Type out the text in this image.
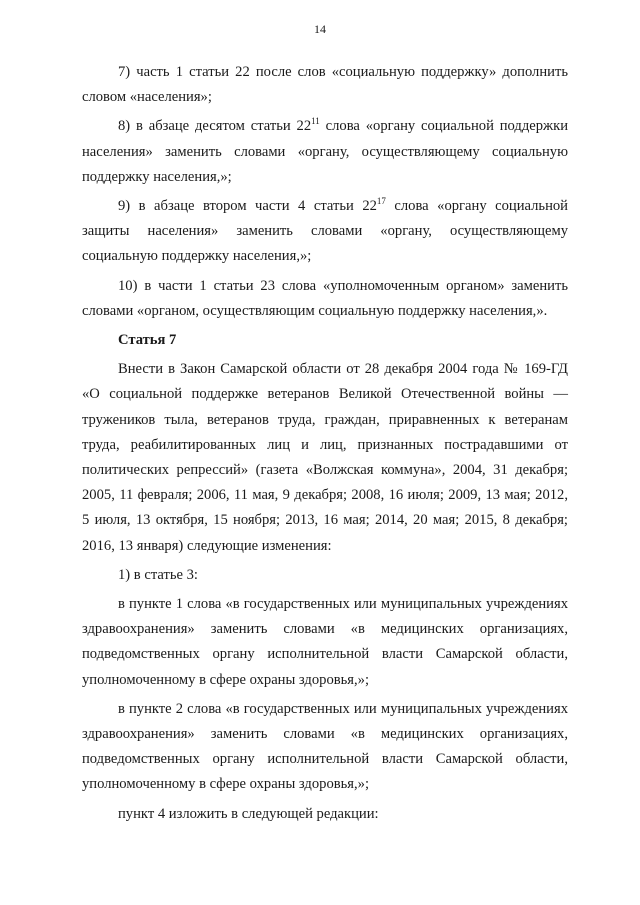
14

7) часть 1 статьи 22 после слов «социальную поддержку» дополнить словом «населения»;

8) в абзаце десятом статьи $22^{11}$ слова «органу социальной поддержки населения» заменить словами «органу, осуществляющему социальную поддержку населения,»;

9) в абзаце втором части 4 статьи $22^{17}$ слова «органу социальной защиты населения» заменить словами «органу, осуществляющему социальную поддержку населения,»;

10) в части 1 статьи 23 слова «уполномоченным органом» заменить словами «органом, осуществляющим социальную поддержку населения,».

Статья 7

Внести в Закон Самарской области от 28 декабря 2004 года № 169-ГД «О социальной поддержке ветеранов Великой Отечественной войны — тружеников тыла, ветеранов труда, граждан, приравненных к ветеранам труда, реабилитированных лиц и лиц, признанных пострадавшими от политических репрессий» (газета «Волжская коммуна», 2004, 31 декабря; 2005, 11 февраля; 2006, 11 мая, 9 декабря; 2008, 16 июля; 2009, 13 мая; 2012, 5 июля, 13 октября, 15 ноября; 2013, 16 мая; 2014, 20 мая; 2015, 8 декабря; 2016, 13 января) следующие изменения:

1) в статье 3:

в пункте 1 слова «в государственных или муниципальных учреждениях здравоохранения» заменить словами «в медицинских организациях, подведомственных органу исполнительной власти Самарской области, уполномоченному в сфере охраны здоровья,»;

в пункте 2 слова «в государственных или муниципальных учреждениях здравоохранения» заменить словами «в медицинских организациях, подведомственных органу исполнительной власти Самарской области, уполномоченному в сфере охраны здоровья,»;

пункт 4 изложить в следующей редакции:
